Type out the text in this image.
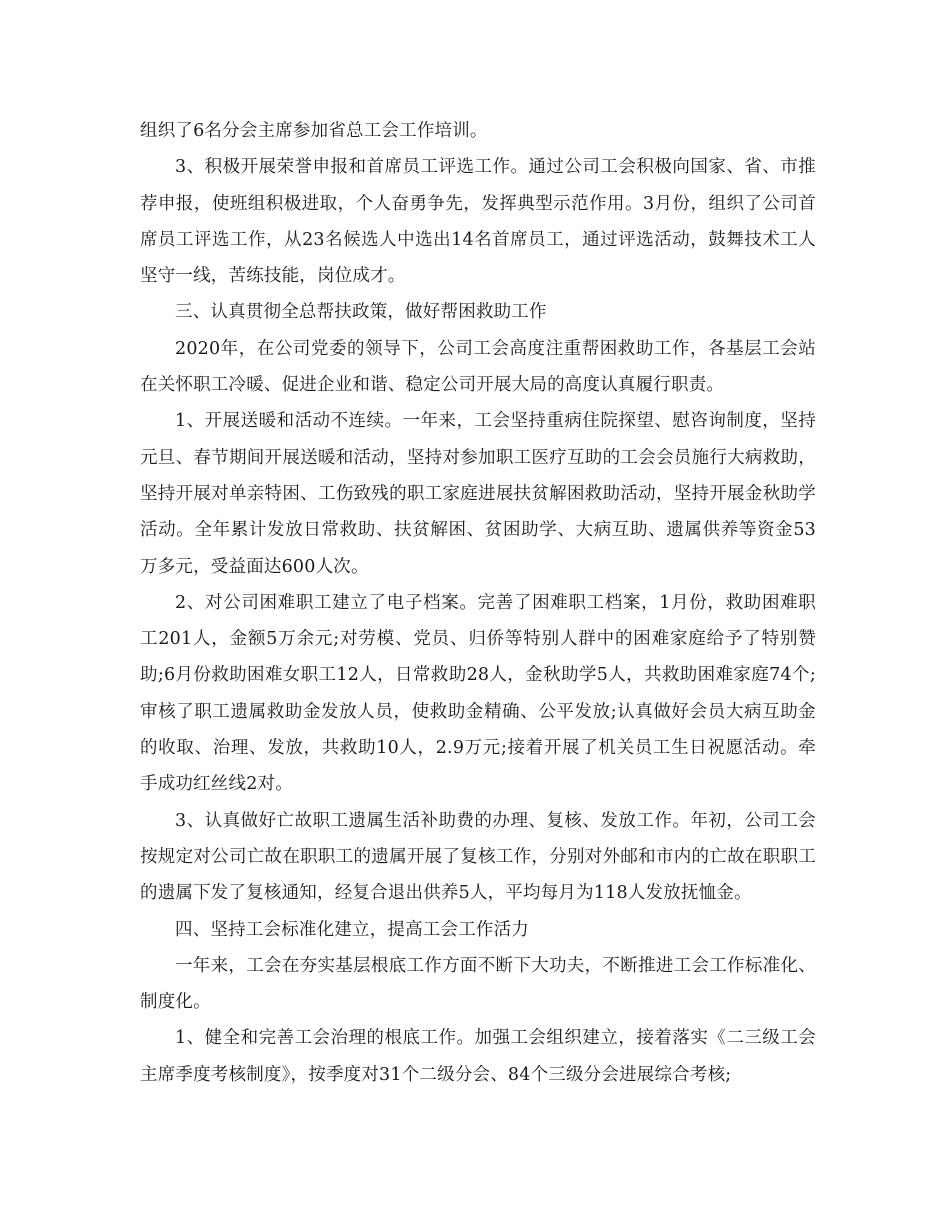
组织了6名分会主席参加省总工会工作培训。

3、积极开展荣誉申报和首席员工评选工作。通过公司工会积极向国家、省、市推荐申报，使班组积极进取，个人奋勇争先，发挥典型示范作用。3月份，组织了公司首席员工评选工作，从23名候选人中选出14名首席员工，通过评选活动，鼓舞技术工人坚守一线，苦练技能，岗位成才。

三、认真贯彻全总帮扶政策，做好帮困救助工作

2020年，在公司党委的领导下，公司工会高度注重帮困救助工作，各基层工会站在关怀职工冷暖、促进企业和谐、稳定公司开展大局的高度认真履行职责。

1、开展送暖和活动不连续。一年来，工会坚持重病住院探望、慰咨询制度，坚持元旦、春节期间开展送暖和活动，坚持对参加职工医疗互助的工会会员施行大病救助，坚持开展对单亲特困、工伤致残的职工家庭进展扶贫解困救助活动，坚持开展金秋助学活动。全年累计发放日常救助、扶贫解困、贫困助学、大病互助、遗属供养等资金53万多元，受益面达600人次。

2、对公司困难职工建立了电子档案。完善了困难职工档案，1月份，救助困难职工201人，金额5万余元;对劳模、党员、归侨等特别人群中的困难家庭给予了特别赞助;6月份救助困难女职工12人，日常救助28人，金秋助学5人，共救助困难家庭74个;审核了职工遗属救助金发放人员，使救助金精确、公平发放;认真做好会员大病互助金的收取、治理、发放，共救助10人，2.9万元;接着开展了机关员工生日祝愿活动。牵手成功红丝线2对。

3、认真做好亡故职工遗属生活补助费的办理、复核、发放工作。年初，公司工会按规定对公司亡故在职职工的遗属开展了复核工作，分别对外邮和市内的亡故在职职工的遗属下发了复核通知，经复合退出供养5人，平均每月为118人发放抚恤金。

四、坚持工会标准化建立，提高工会工作活力

一年来，工会在夯实基层根底工作方面不断下大功夫，不断推进工会工作标准化、制度化。

1、健全和完善工会治理的根底工作。加强工会组织建立，接着落实《二三级工会主席季度考核制度》，按季度对31个二级分会、84个三级分会进展综合考核;
